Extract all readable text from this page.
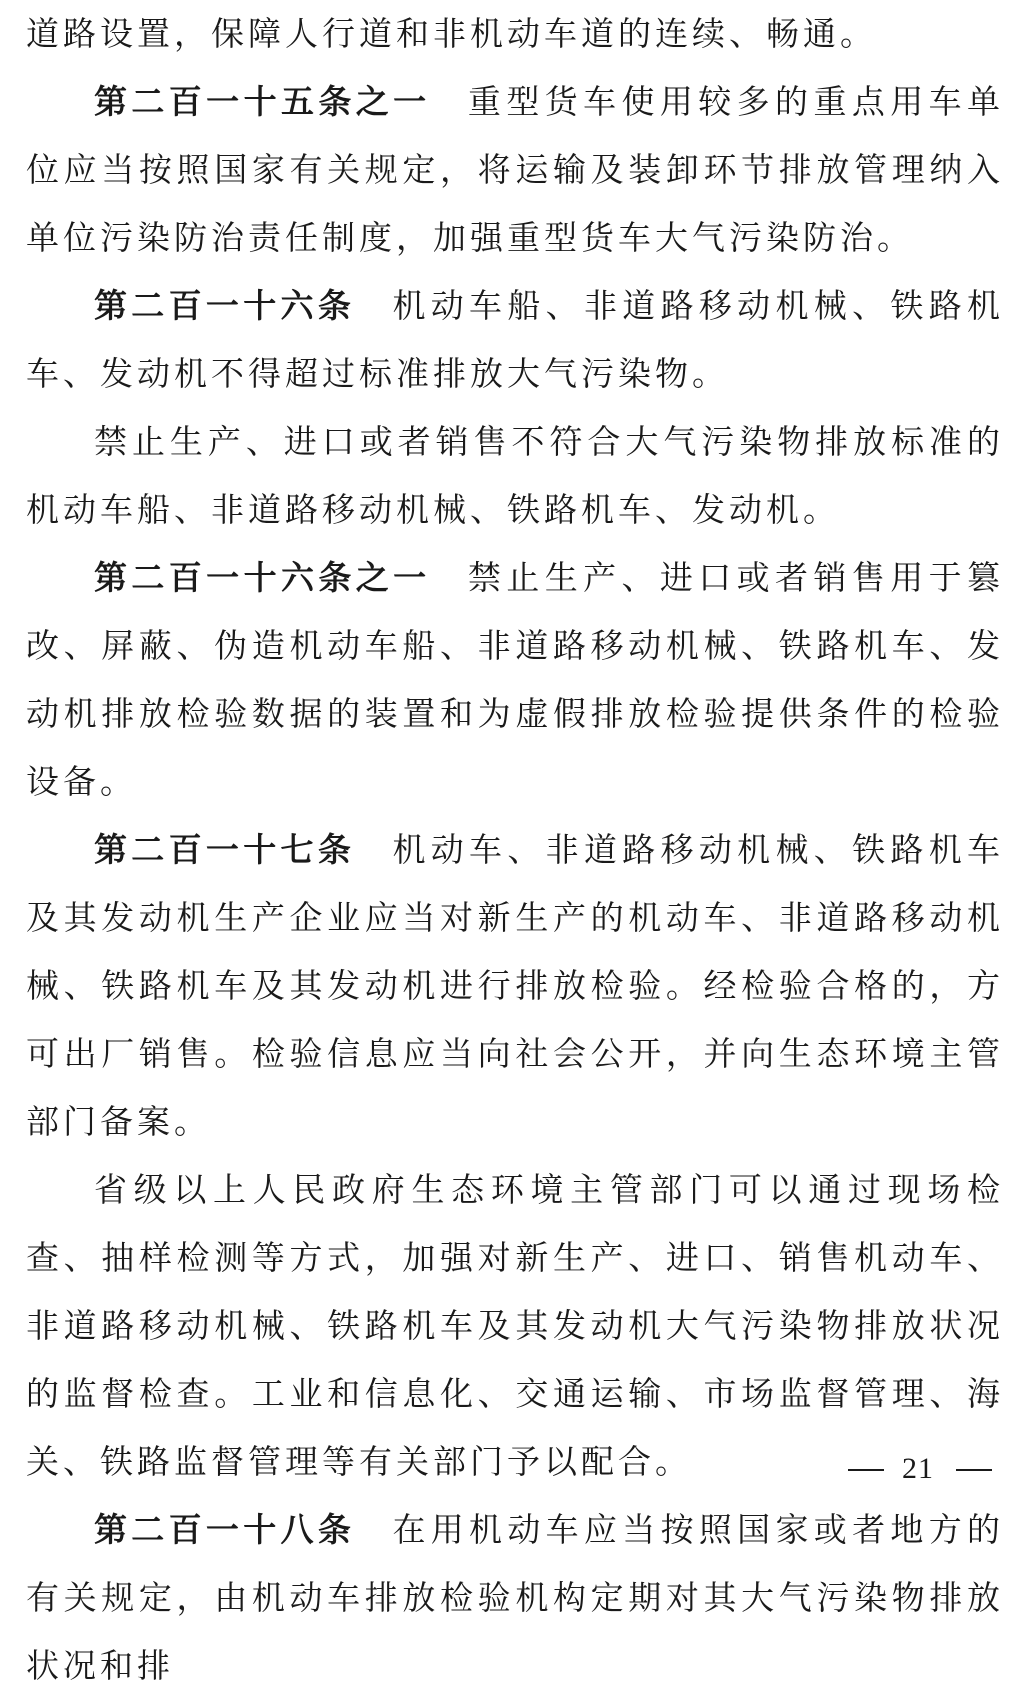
道路设置，保障人行道和非机动车道的连续、畅通。

第二百一十五条之一 重型货车使用较多的重点用车单位应当按照国家有关规定，将运输及装卸环节排放管理纳入单位污染防治责任制度，加强重型货车大气污染防治。

第二百一十六条 机动车船、非道路移动机械、铁路机车、发动机不得超过标准排放大气污染物。

禁止生产、进口或者销售不符合大气污染物排放标准的机动车船、非道路移动机械、铁路机车、发动机。

第二百一十六条之一 禁止生产、进口或者销售用于篡改、屏蔽、伪造机动车船、非道路移动机械、铁路机车、发动机排放检验数据的装置和为虚假排放检验提供条件的检验设备。

第二百一十七条 机动车、非道路移动机械、铁路机车及其发动机生产企业应当对新生产的机动车、非道路移动机械、铁路机车及其发动机进行排放检验。经检验合格的，方可出厂销售。检验信息应当向社会公开，并向生态环境主管部门备案。

省级以上人民政府生态环境主管部门可以通过现场检查、抽样检测等方式，加强对新生产、进口、销售机动车、非道路移动机械、铁路机车及其发动机大气污染物排放状况的监督检查。工业和信息化、交通运输、市场监督管理、海关、铁路监督管理等有关部门予以配合。

第二百一十八条 在用机动车应当按照国家或者地方的有关规定，由机动车排放检验机构定期对其大气污染物排放状况和排

21
